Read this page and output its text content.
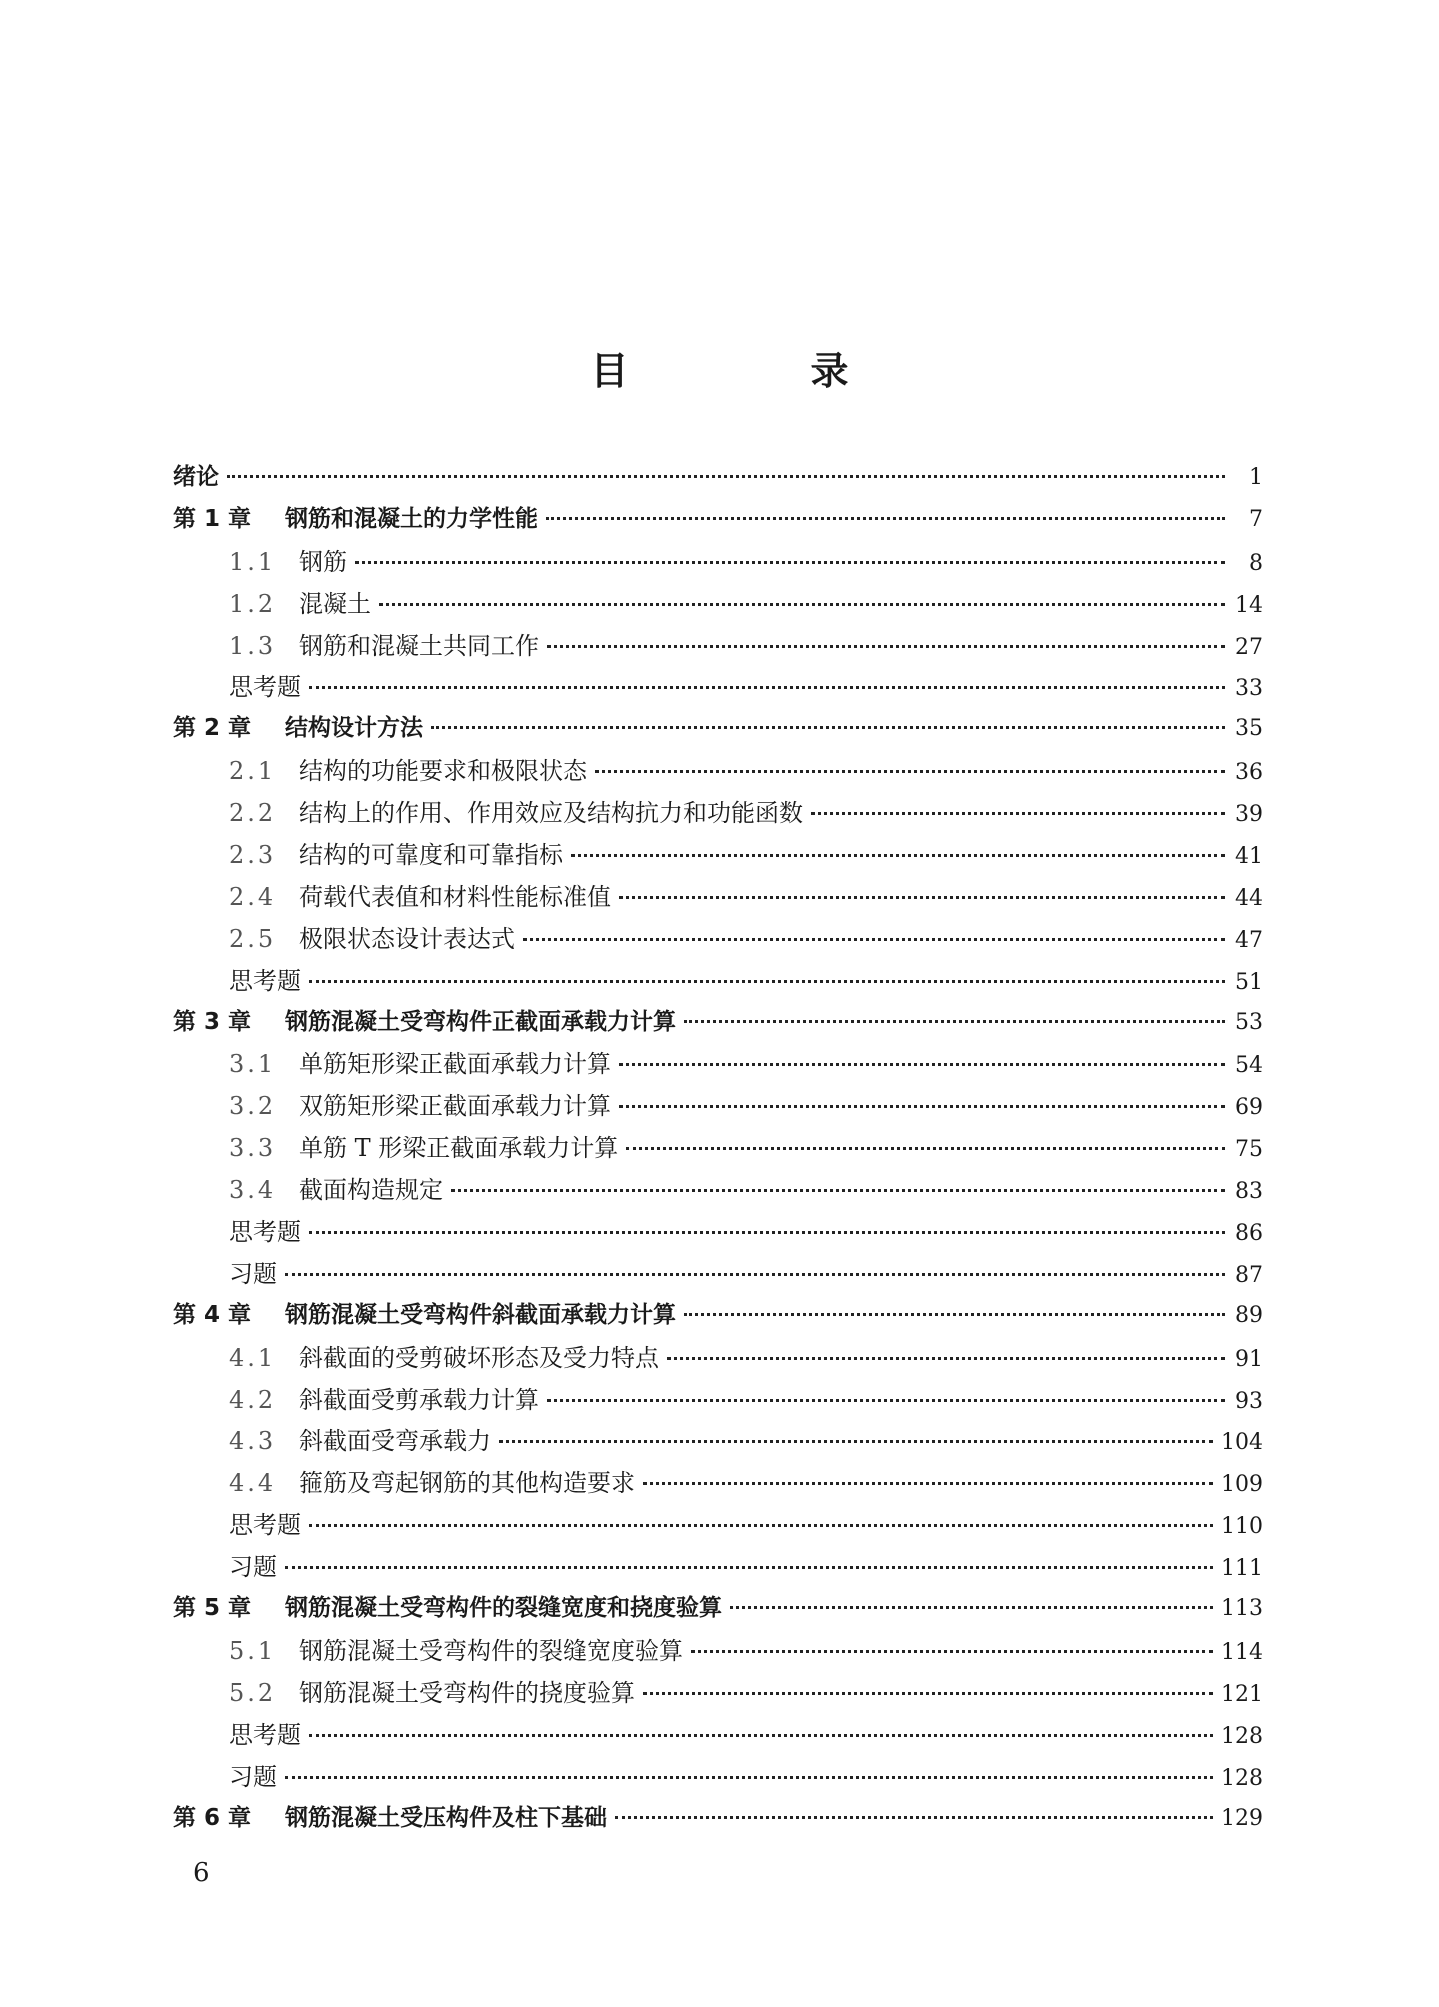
目　录
绪论	1
第 1 章	钢筋和混凝土的力学性能	7
1.1 钢筋	8
1.2 混凝土	14
1.3 钢筋和混凝土共同工作	27
思考题	33
第 2 章	结构设计方法	35
2.1 结构的功能要求和极限状态	36
2.2 结构上的作用、作用效应及结构抗力和功能函数	39
2.3 结构的可靠度和可靠指标	41
2.4 荷载代表值和材料性能标准值	44
2.5 极限状态设计表达式	47
思考题	51
第 3 章	钢筋混凝土受弯构件正截面承载力计算	53
3.1 单筋矩形梁正截面承载力计算	54
3.2 双筋矩形梁正截面承载力计算	69
3.3 单筋 T 形梁正截面承载力计算	75
3.4 截面构造规定	83
思考题	86
习题	87
第 4 章	钢筋混凝土受弯构件斜截面承载力计算	89
4.1 斜截面的受剪破坏形态及受力特点	91
4.2 斜截面受剪承载力计算	93
4.3 斜截面受弯承载力	104
4.4 箍筋及弯起钢筋的其他构造要求	109
思考题	110
习题	111
第 5 章	钢筋混凝土受弯构件的裂缝宽度和挠度验算	113
5.1 钢筋混凝土受弯构件的裂缝宽度验算	114
5.2 钢筋混凝土受弯构件的挠度验算	121
思考题	128
习题	128
第 6 章	钢筋混凝土受压构件及柱下基础	129
6
